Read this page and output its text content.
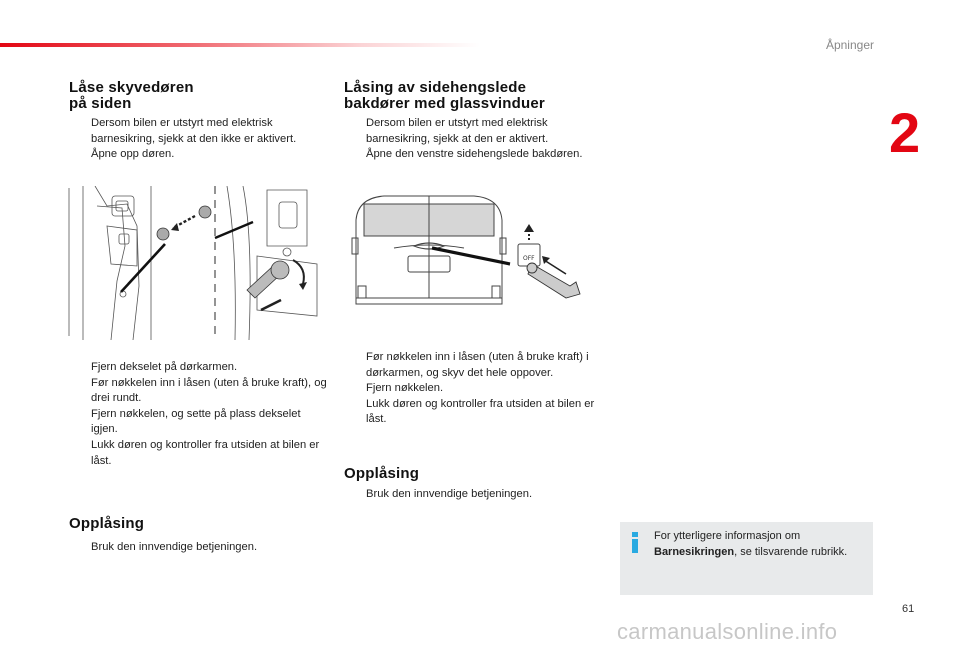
Åpninger
2
Låse skyvedøren
på siden
Dersom bilen er utstyrt med elektrisk barnesikring, sjekk at den ikke er aktivert.
Åpne opp døren.
Fjern dekselet på dørkarmen.
Før nøkkelen inn i låsen (uten å bruke kraft), og drei rundt.
Fjern nøkkelen, og sette på plass dekselet igjen.
Lukk døren og kontroller fra utsiden at bilen er låst.
Opplåsing
Bruk den innvendige betjeningen.
Låsing av sidehengslede
bakdører med glassvinduer
Dersom bilen er utstyrt med elektrisk barnesikring, sjekk at den er aktivert.
Åpne den venstre sidehengslede bakdøren.
OFF
Før nøkkelen inn i låsen (uten å bruke kraft) i dørkarmen, og skyv det hele oppover.
Fjern nøkkelen.
Lukk døren og kontroller fra utsiden at bilen er låst.
Opplåsing
Bruk den innvendige betjeningen.
For ytterligere informasjon om Barnesikringen, se tilsvarende rubrikk.
61
carmanualsonline.info
